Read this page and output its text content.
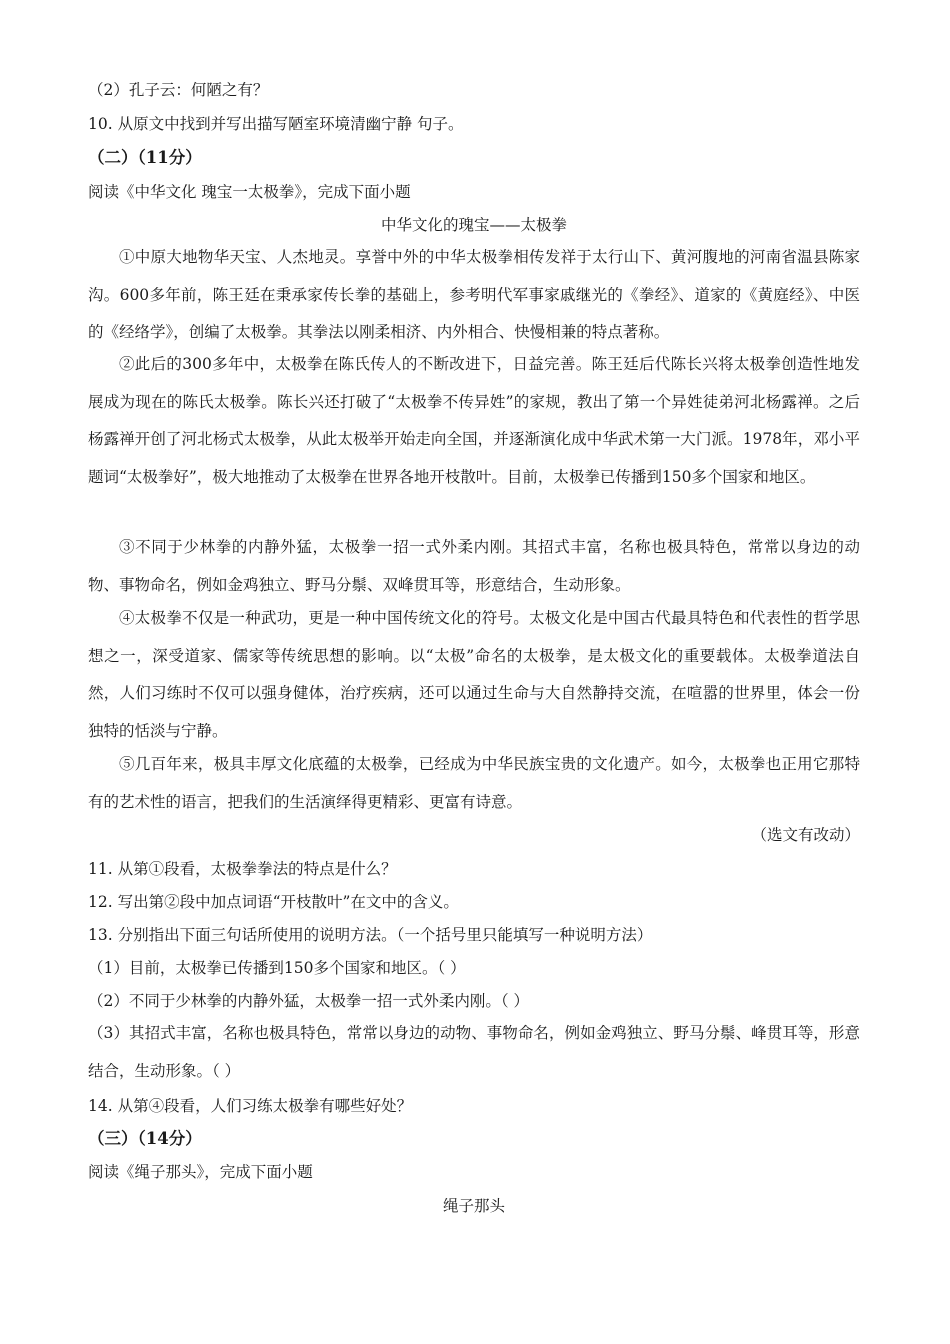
（2）孔子云：何陋之有？
10. 从原文中找到并写出描写陋室环境清幽宁静 句子。
（二）（11分）
阅读《中华文化 瑰宝一太极拳》，完成下面小题
中华文化的瑰宝——太极拳
①中原大地物华天宝、人杰地灵。享誉中外的中华太极拳相传发祥于太行山下、黄河腹地的河南省温县陈家沟。600多年前，陈王廷在秉承家传长拳的基础上，参考明代军事家戚继光的《拳经》、道家的《黄庭经》、中医的《经络学》，创编了太极拳。其拳法以刚柔相济、内外相合、快慢相兼的特点著称。
②此后的300多年中，太极拳在陈氏传人的不断改进下，日益完善。陈王廷后代陈长兴将太极拳创造性地发展成为现在的陈氏太极拳。陈长兴还打破了“太极拳不传异姓”的家规，教出了第一个异姓徒弟河北杨露禅。之后杨露禅开创了河北杨式太极拳，从此太极举开始走向全国，并逐渐演化成中华武术第一大门派。1978年，邓小平题词“太极拳好”，极大地推动了太极拳在世界各地开枝散叶。目前，太极拳已传播到150多个国家和地区。
③不同于少林拳的内静外猛，太极拳一招一式外柔内刚。其招式丰富，名称也极具特色，常常以身边的动物、事物命名，例如金鸡独立、野马分鬃、双峰贯耳等，形意结合，生动形象。
④太极拳不仅是一种武功，更是一种中国传统文化的符号。太极文化是中国古代最具特色和代表性的哲学思想之一，深受道家、儒家等传统思想的影响。以“太极”命名的太极拳，是太极文化的重要载体。太极拳道法自然，人们习练时不仅可以强身健体，治疗疾病，还可以通过生命与大自然静持交流，在喧嚣的世界里，体会一份独特的恬淡与宁静。
⑤几百年来，极具丰厚文化底蕴的太极拳，已经成为中华民族宝贵的文化遗产。如今，太极拳也正用它那特有的艺术性的语言，把我们的生活演绎得更精彩、更富有诗意。
（选文有改动）
11. 从第①段看，太极拳拳法的特点是什么？
12. 写出第②段中加点词语“开枝散叶”在文中的含义。
13. 分别指出下面三句话所使用的说明方法。（一个括号里只能填写一种说明方法）
（1）目前，太极拳已传播到150多个国家和地区。（ ）
（2）不同于少林拳的内静外猛，太极拳一招一式外柔内刚。（ ）
（3）其招式丰富，名称也极具特色，常常以身边的动物、事物命名，例如金鸡独立、野马分鬃、峰贯耳等，形意结合，生动形象。（ ）
14. 从第④段看，人们习练太极拳有哪些好处？
（三）（14分）
阅读《绳子那头》，完成下面小题
绳子那头
